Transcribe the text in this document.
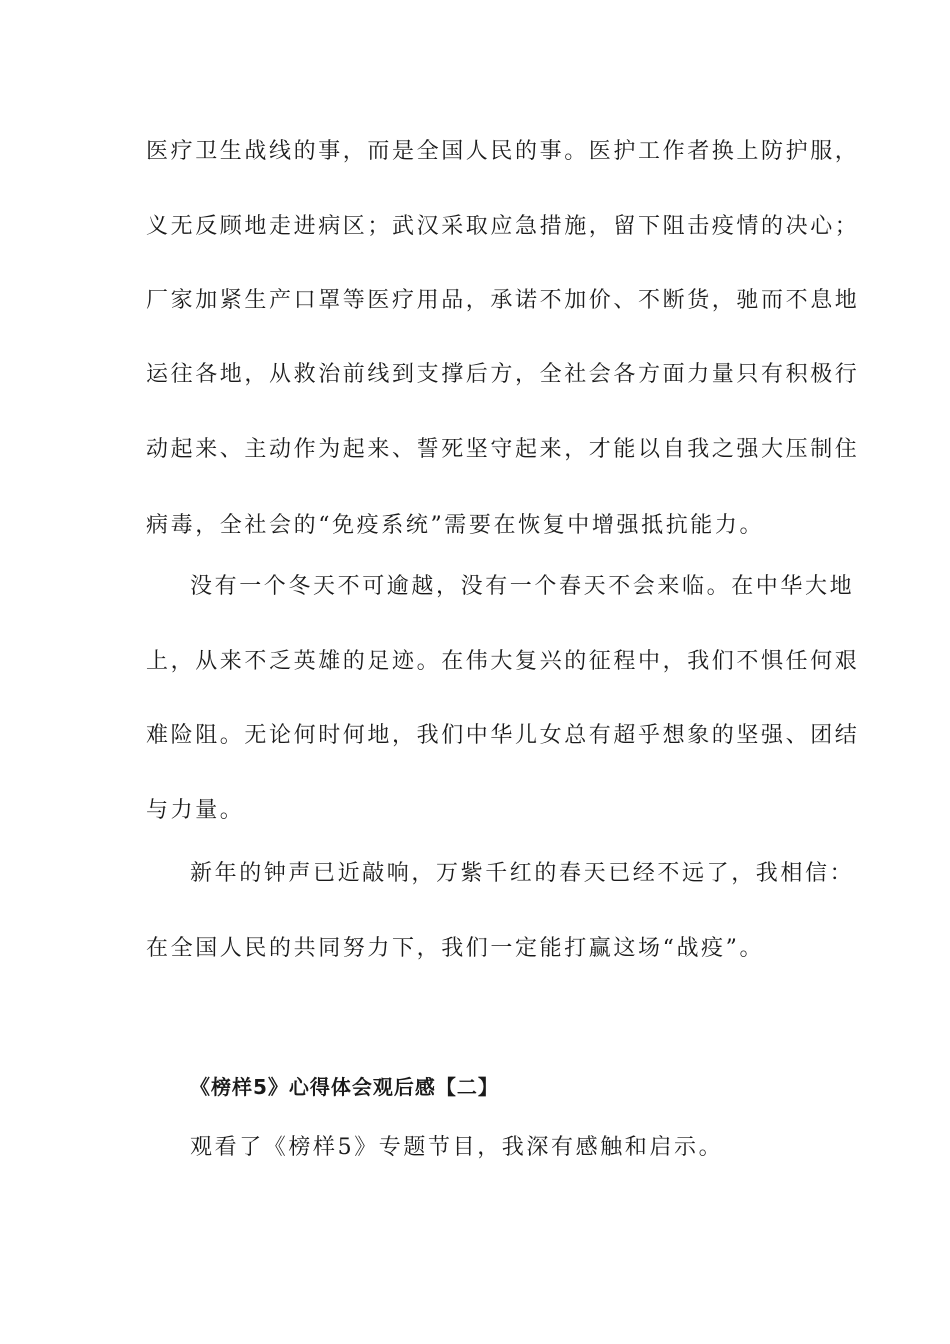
医疗卫生战线的事，而是全国人民的事。医护工作者换上防护服，
义无反顾地走进病区；武汉采取应急措施，留下阻击疫情的决心；
厂家加紧生产口罩等医疗用品，承诺不加价、不断货，驰而不息地
运往各地，从救治前线到支撑后方，全社会各方面力量只有积极行
动起来、主动作为起来、誓死坚守起来，才能以自我之强大压制住
病毒，全社会的“免疫系统”需要在恢复中增强抵抗能力。
没有一个冬天不可逾越，没有一个春天不会来临。在中华大地
上，从来不乏英雄的足迹。在伟大复兴的征程中，我们不惧任何艰
难险阻。无论何时何地，我们中华儿女总有超乎想象的坚强、团结
与力量。
新年的钟声已近敲响，万紫千红的春天已经不远了，我相信：
在全国人民的共同努力下，我们一定能打赢这场“战疫”。
《榜样5》心得体会观后感【二】
观看了《榜样5》专题节目，我深有感触和启示。
